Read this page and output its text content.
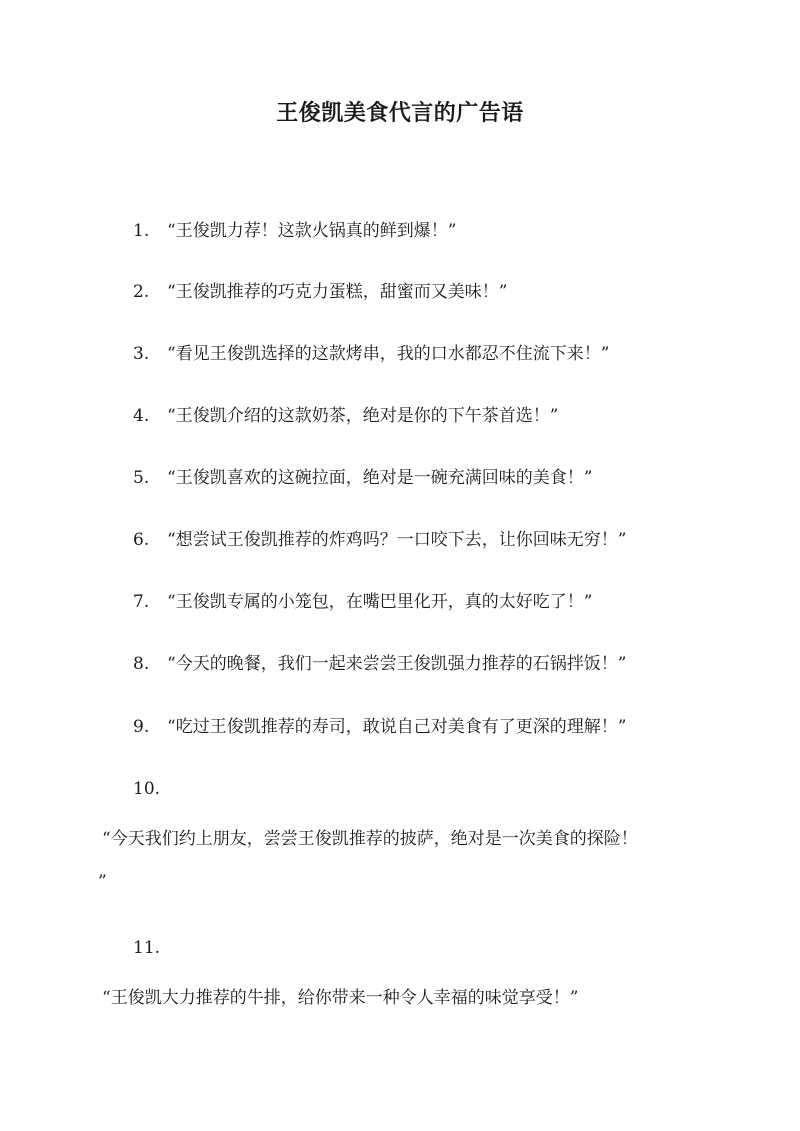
王俊凯美食代言的广告语
1. “王俊凯力荐！这款火锅真的鲜到爆！”
2. “王俊凯推荐的巧克力蛋糕，甜蜜而又美味！”
3. “看见王俊凯选择的这款烤串，我的口水都忍不住流下来！”
4. “王俊凯介绍的这款奶茶，绝对是你的下午茶首选！”
5. “王俊凯喜欢的这碗拉面，绝对是一碗充满回味的美食！”
6. “想尝试王俊凯推荐的炸鸡吗？一口咬下去，让你回味无穷！”
7. “王俊凯专属的小笼包，在嘴巴里化开，真的太好吃了！”
8. “今天的晚餐，我们一起来尝尝王俊凯强力推荐的石锅拌饭！”
9. “吃过王俊凯推荐的寿司，敢说自己对美食有了更深的理解！”
10.
“今天我们约上朋友，尝尝王俊凯推荐的披萨，绝对是一次美食的探险！
”
11.
“王俊凯大力推荐的牛排，给你带来一种令人幸福的味觉享受！”
